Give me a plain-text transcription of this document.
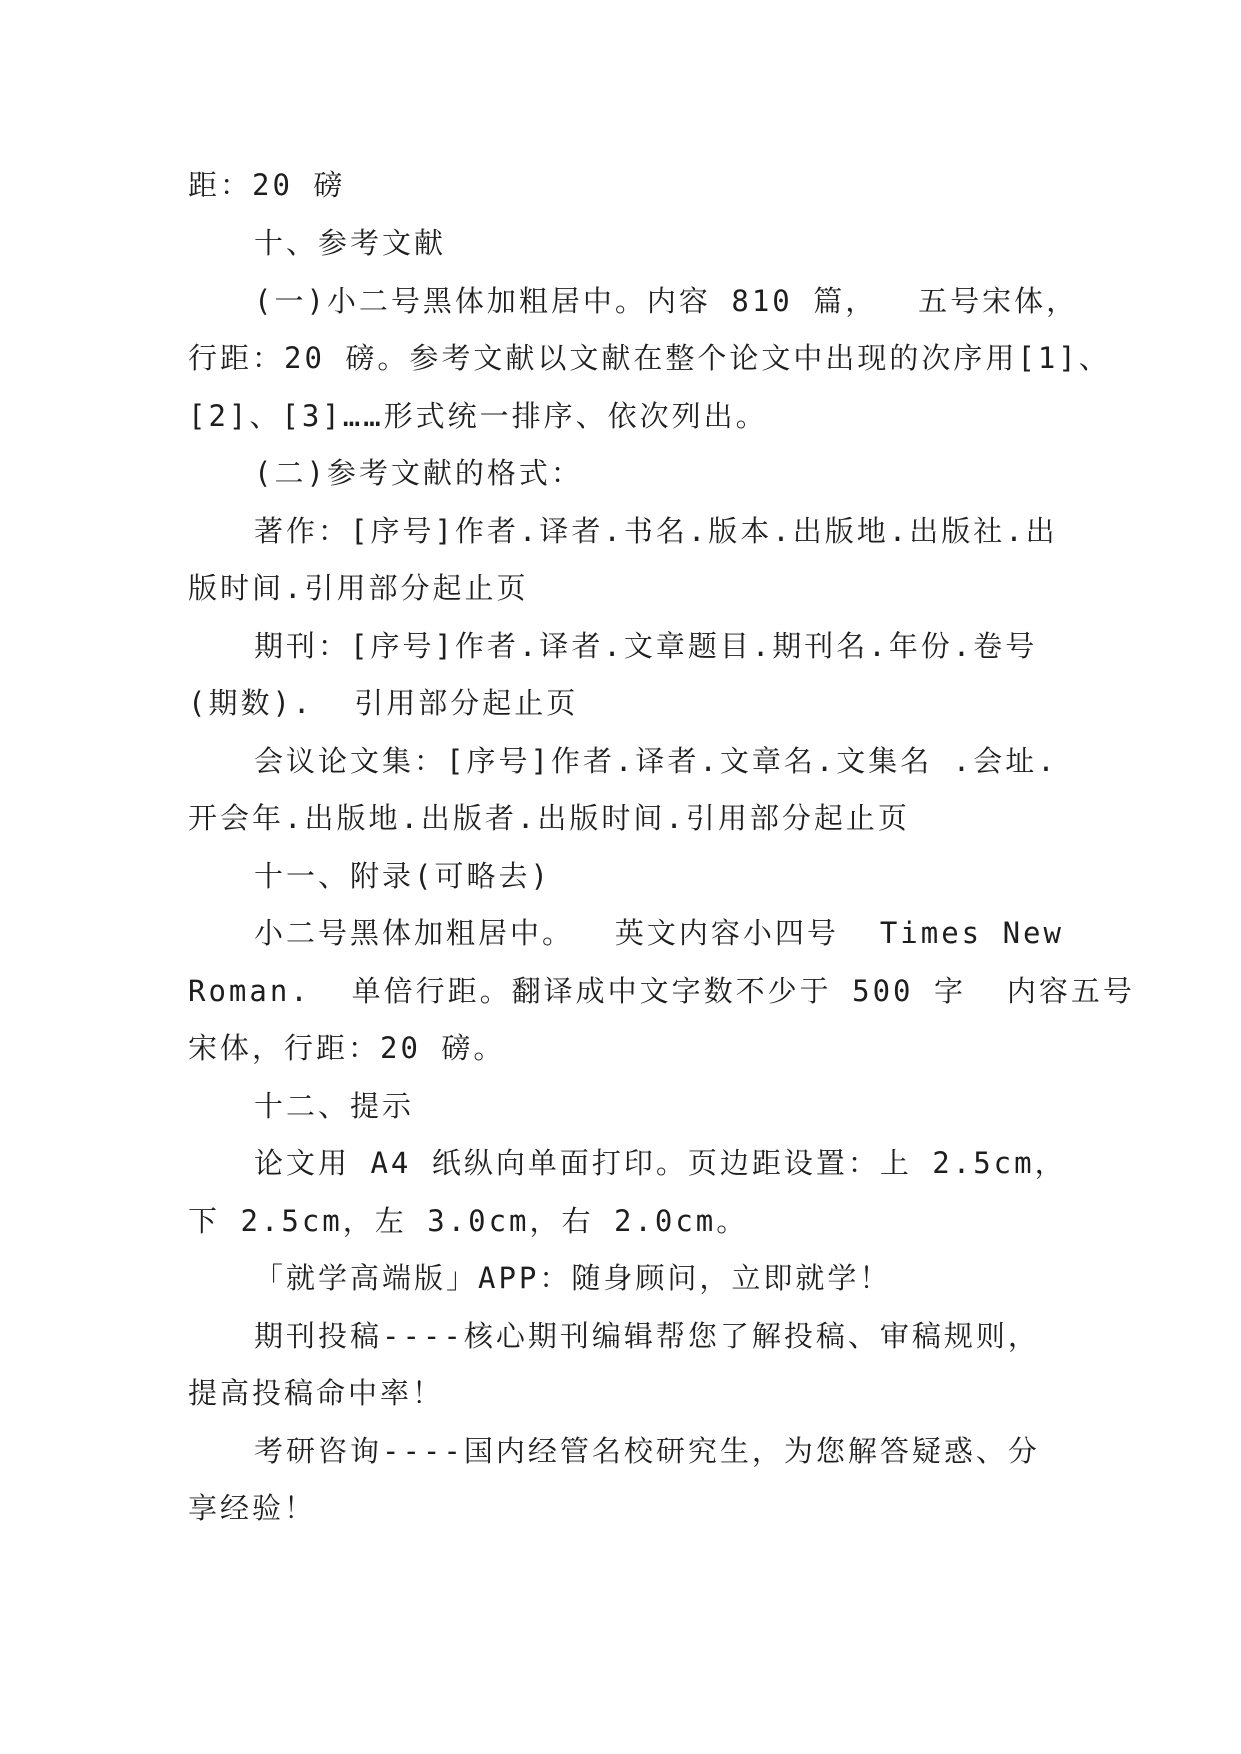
距：20 磅
十、参考文献
(一)小二号黑体加粗居中。内容 810 篇，  五号宋体，
行距：20 磅。参考文献以文献在整个论文中出现的次序用[1]、
[2]、[3]……形式统一排序、依次列出。
(二)参考文献的格式：
著作：[序号]作者.译者.书名.版本.出版地.出版社.出
版时间.引用部分起止页
期刊：[序号]作者.译者.文章题目.期刊名.年份.卷号
(期数).  引用部分起止页
会议论文集：[序号]作者.译者.文章名.文集名 .会址.
开会年.出版地.出版者.出版时间.引用部分起止页
十一、附录(可略去)
小二号黑体加粗居中。  英文内容小四号  Times New
Roman.  单倍行距。翻译成中文字数不少于 500 字  内容五号
宋体，行距：20 磅。
十二、提示
论文用 A4 纸纵向单面打印。页边距设置：上 2.5cm，
下 2.5cm，左 3.0cm，右 2.0cm。
「就学高端版」APP：随身顾问，立即就学！
期刊投稿----核心期刊编辑帮您了解投稿、审稿规则，
提高投稿命中率！
考研咨询----国内经管名校研究生，为您解答疑惑、分
享经验！
